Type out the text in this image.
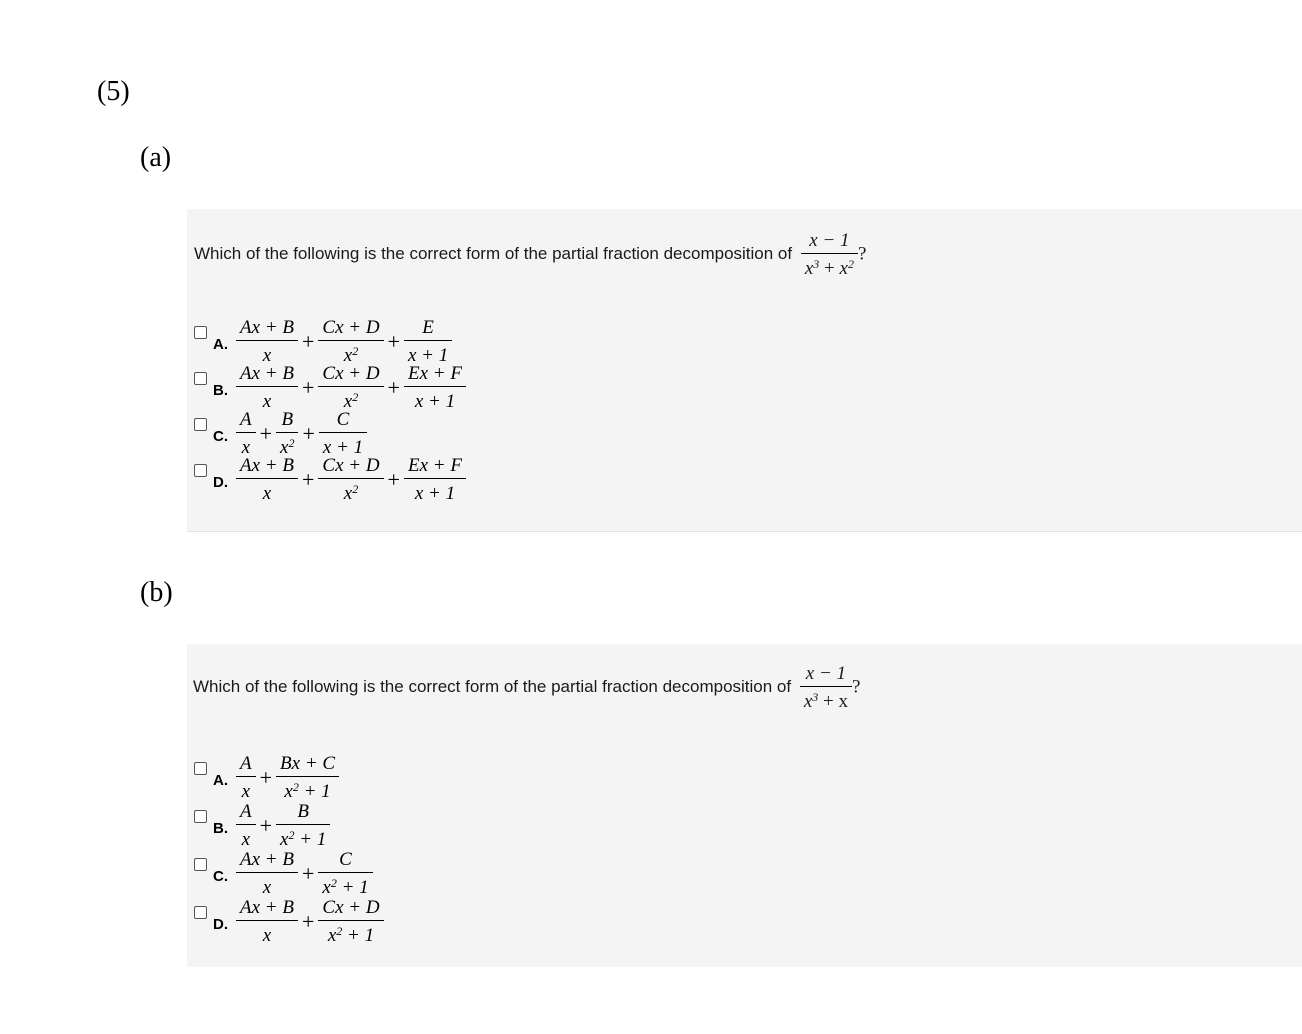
(5)
(a)
Which of the following is the correct form of the partial fraction decomposition of $\frac{x - 1}{x^3 + x^2}$ ?
A. $\frac{Ax + B}{x} + \frac{Cx + D}{x^2} + \frac{E}{x + 1}$
B. $\frac{Ax + B}{x} + \frac{Cx + D}{x^2} + \frac{Ex + F}{x + 1}$
C. $\frac{A}{x} + \frac{B}{x^2} + \frac{C}{x + 1}$
D. $\frac{Ax + B}{x} + \frac{Cx + D}{x^2} + \frac{Ex + F}{x + 1}$
(b)
Which of the following is the correct form of the partial fraction decomposition of $\frac{x - 1}{x^3 + x}$ ?
A. $\frac{A}{x} + \frac{Bx + C}{x^2 + 1}$
B. $\frac{A}{x} + \frac{B}{x^2 + 1}$
C. $\frac{Ax + B}{x} + \frac{C}{x^2 + 1}$
D. $\frac{Ax + B}{x} + \frac{Cx + D}{x^2 + 1}$
